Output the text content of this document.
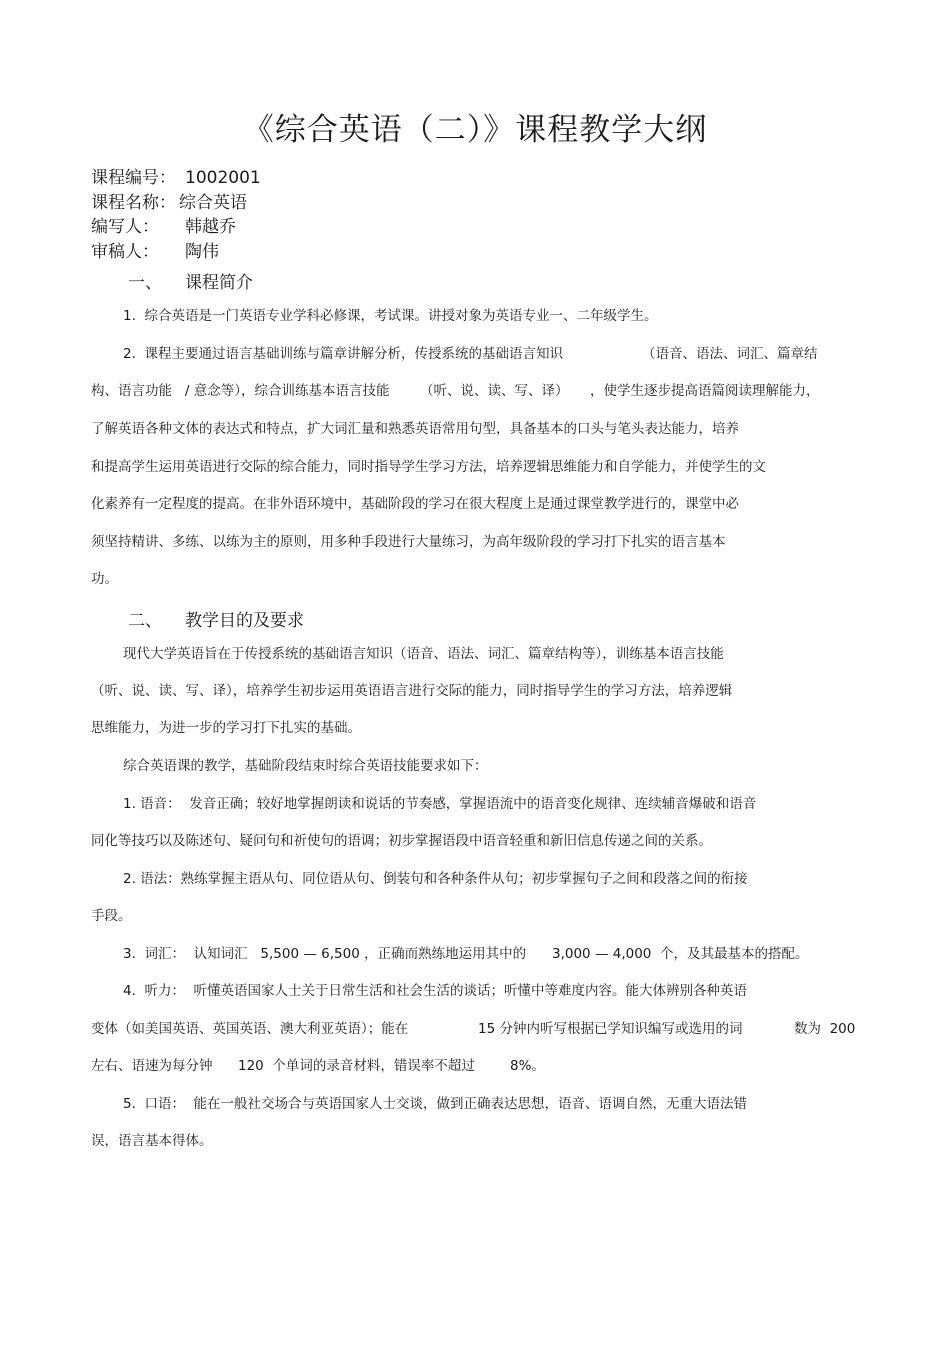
《综合英语（二）》课程教学大纲
课程编号： 1002001
课程名称： 综合英语
编写人： 韩越乔
审稿人： 陶伟
一、 课程简介
1.  综合英语是一门英语专业学科必修课，考试课。讲授对象为英语专业一、二年级学生。
2.  课程主要通过语言基础训练与篇章讲解分析，传授系统的基础语言知识	（语音、语法、词汇、篇章结
构、语言功能   / 意念等），综合训练基本语言技能 （听、说、读、写、译） ，使学生逐步提高语篇阅读理解能力，
了解英语各种文体的表达式和特点，扩大词汇量和熟悉英语常用句型，具备基本的口头与笔头表达能力，培养
和提高学生运用英语进行交际的综合能力，同时指导学生学习方法，培养逻辑思维能力和自学能力，并使学生的文
化素养有一定程度的提高。在非外语环境中，基础阶段的学习在很大程度上是通过课堂教学进行的，课堂中必
须坚持精讲、多练、以练为主的原则，用多种手段进行大量练习，为高年级阶段的学习打下扎实的语言基本
功。
二、 教学目的及要求
现代大学英语旨在于传授系统的基础语言知识（语音、语法、词汇、篇章结构等），训练基本语言技能
（听、说、读、写、译），培养学生初步运用英语语言进行交际的能力，同时指导学生的学习方法，培养逻辑
思维能力，为进一步的学习打下扎实的基础。
综合英语课的教学，基础阶段结束时综合英语技能要求如下：
1. 语音：  发音正确；较好地掌握朗读和说话的节奏感，掌握语流中的语音变化规律、连续辅音爆破和语音
同化等技巧以及陈述句、疑问句和祈使句的语调；初步掌握语段中语音轻重和新旧信息传递之间的关系。
2. 语法：熟练掌握主语从句、同位语从句、倒装句和各种条件从句；初步掌握句子之间和段落之间的衔接
手段。
3.  词汇：  认知词汇   5,500 — 6,500 ，正确而熟练地运用其中的 3,000 — 4,000  个，及其最基本的搭配。
4.  听力：  听懂英语国家人士关于日常生活和社会生活的谈话；听懂中等难度内容。能大体辨别各种英语
变体（如美国英语、英国英语、澳大利亚英语）；能在	15 分钟内听写根据已学知识编写或选用的词	数为  200
左右、语速为每分钟 120  个单词的录音材料，错误率不超过	8%。
5.  口语：  能在一般社交场合与英语国家人士交谈，做到正确表达思想，语音、语调自然，无重大语法错
误，语言基本得体。
